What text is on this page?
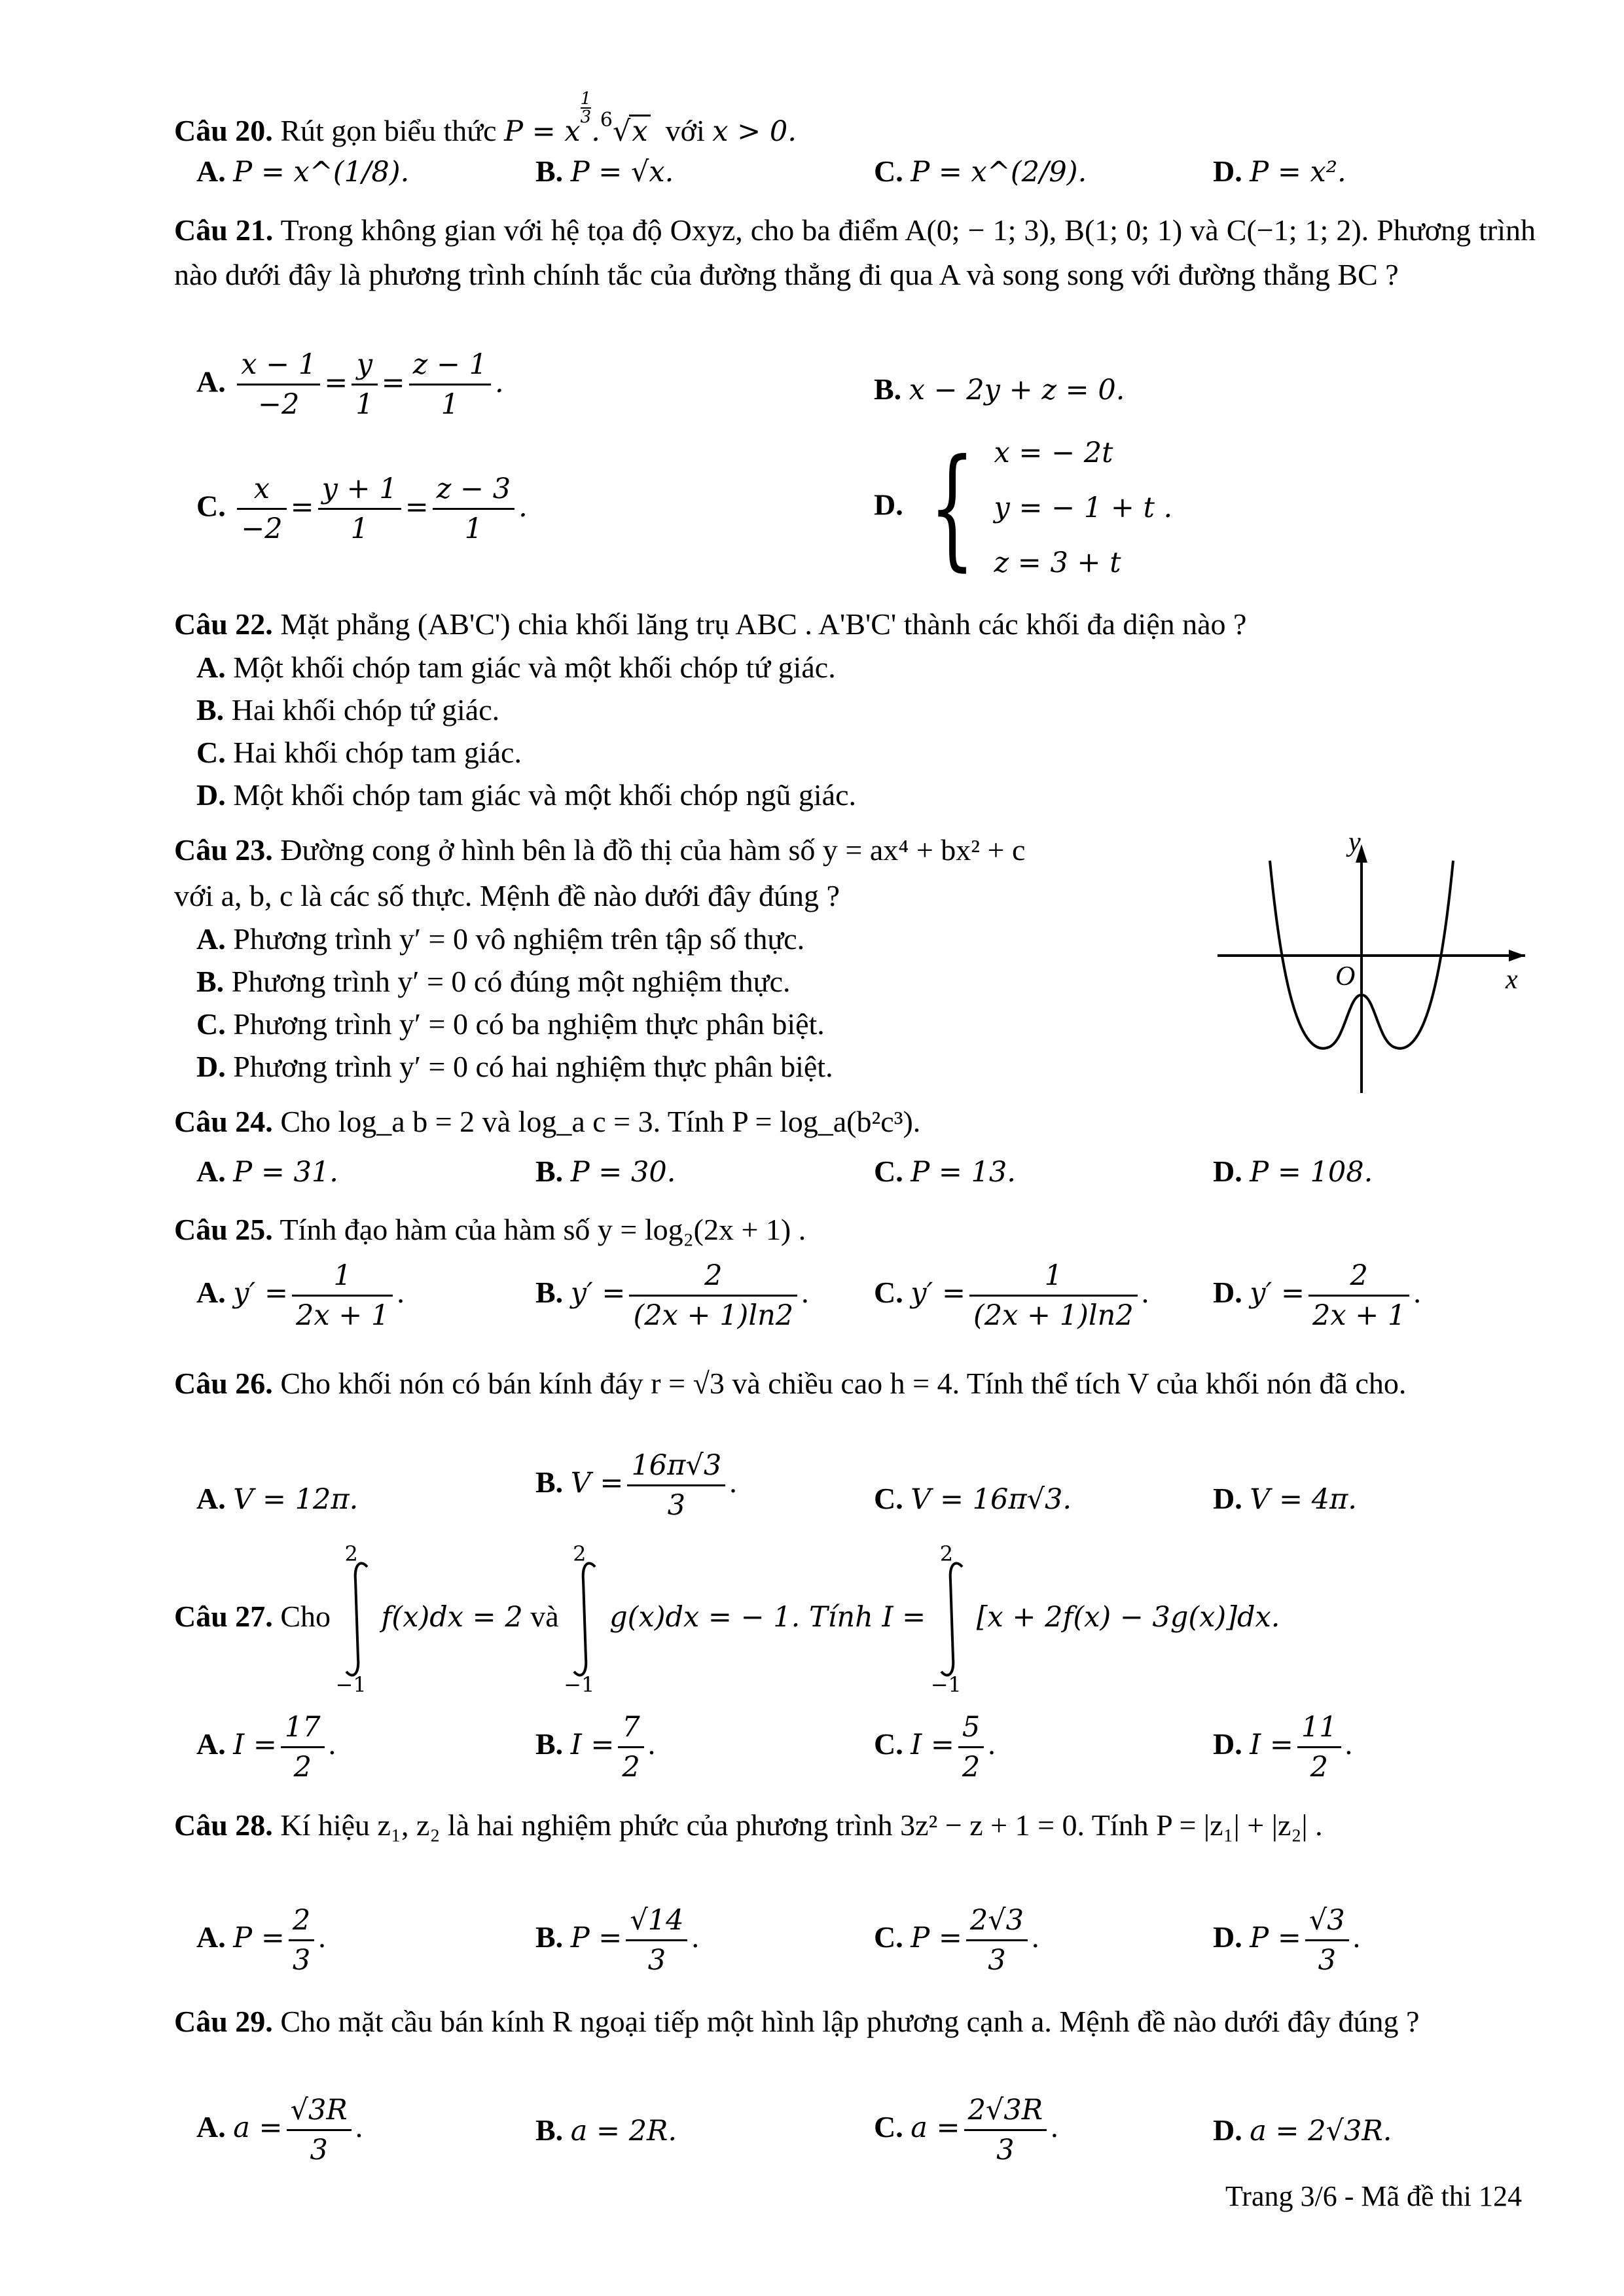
Câu 20. Rút gọn biểu thức P = x
$\frac{1}{3}$
.$^6$√x với x > 0.
A. P = x^(1/8).	B. P = √x.	C. P = x^(2/9).	D. P = x².
Câu 21. Trong không gian với hệ tọa độ Oxyz, cho ba điểm A(0; − 1; 3), B(1; 0; 1) và C(−1; 1; 2). Phương trình nào dưới đây là phương trình chính tắc của đường thẳng đi qua A và song song với đường thẳng BC ?
A. $\frac{x - 1}{-2} = \frac{y}{1} = \frac{z - 1}{1}$ .	B. x − 2y + z = 0.
C. $\frac{x}{-2} = \frac{y + 1}{1} = \frac{z - 3}{1}$ .	D. { x = − 2t
y = − 1 + t .
z = 3 + t
Câu 22. Mặt phẳng (AB'C') chia khối lăng trụ ABC . A'B'C' thành các khối đa diện nào ?
A. Một khối chóp tam giác và một khối chóp tứ giác.
B. Hai khối chóp tứ giác.
C. Hai khối chóp tam giác.
D. Một khối chóp tam giác và một khối chóp ngũ giác.
Câu 23. Đường cong ở hình bên là đồ thị của hàm số y = ax⁴ + bx² + c
với a, b, c là các số thực. Mệnh đề nào dưới đây đúng ?
A. Phương trình y′ = 0 vô nghiệm trên tập số thực.
B. Phương trình y′ = 0 có đúng một nghiệm thực.
C. Phương trình y′ = 0 có ba nghiệm thực phân biệt.
D. Phương trình y′ = 0 có hai nghiệm thực phân biệt.
y
x
O
Câu 24. Cho log_a b = 2 và log_a c = 3. Tính P = log_a(b²c³).
A. P = 31.	B. P = 30.	C. P = 13.	D. P = 108.
Câu 25. Tính đạo hàm của hàm số y = log₂(2x + 1) .
A. $y' = \frac{1}{2x + 1}$ .	B. $y' = \frac{2}{(2x + 1)\ln 2}$ . C. $y' = \frac{1}{(2x + 1)\ln 2}$ . D. $y' = \frac{2}{2x + 1}$ .
Câu 26. Cho khối nón có bán kính đáy r = √3 và chiều cao h = 4. Tính thể tích V của khối nón đã cho.
A. V = 12π.
B. $V = \frac{16\pi√3}{3}$ .	C. V = 16π√3.	D. V = 4π.
Câu 27. Cho
2
−1
f(x)dx = 2 và
2
−1
g(x)dx = − 1. Tính I =
2
−1
[x + 2f(x) − 3g(x)]dx.
A. $I = \frac{17}{2}$ .	B. $I = \frac{7}{2}$ .	C. $I = \frac{5}{2}$ .	D. $I = \frac{11}{2}$ .
Câu 28. Kí hiệu z₁, z₂ là hai nghiệm phức của phương trình 3z² − z + 1 = 0. Tính P = |z₁| + |z₂| .
A. $P = \frac{2}{3}$ .	B. $P = \frac{√14}{3}$ .	C. $P = \frac{2√3}{3}$ .	D. $P = \frac{√3}{3}$ .
Câu 29. Cho mặt cầu bán kính R ngoại tiếp một hình lập phương cạnh a. Mệnh đề nào dưới đây đúng ?
A. $a = \frac{√3R}{3}$ .	B. a = 2R.	C. $a = \frac{2√3R}{3}$ .	D. a = 2√3R.
Trang 3/6 - Mã đề thi 124
